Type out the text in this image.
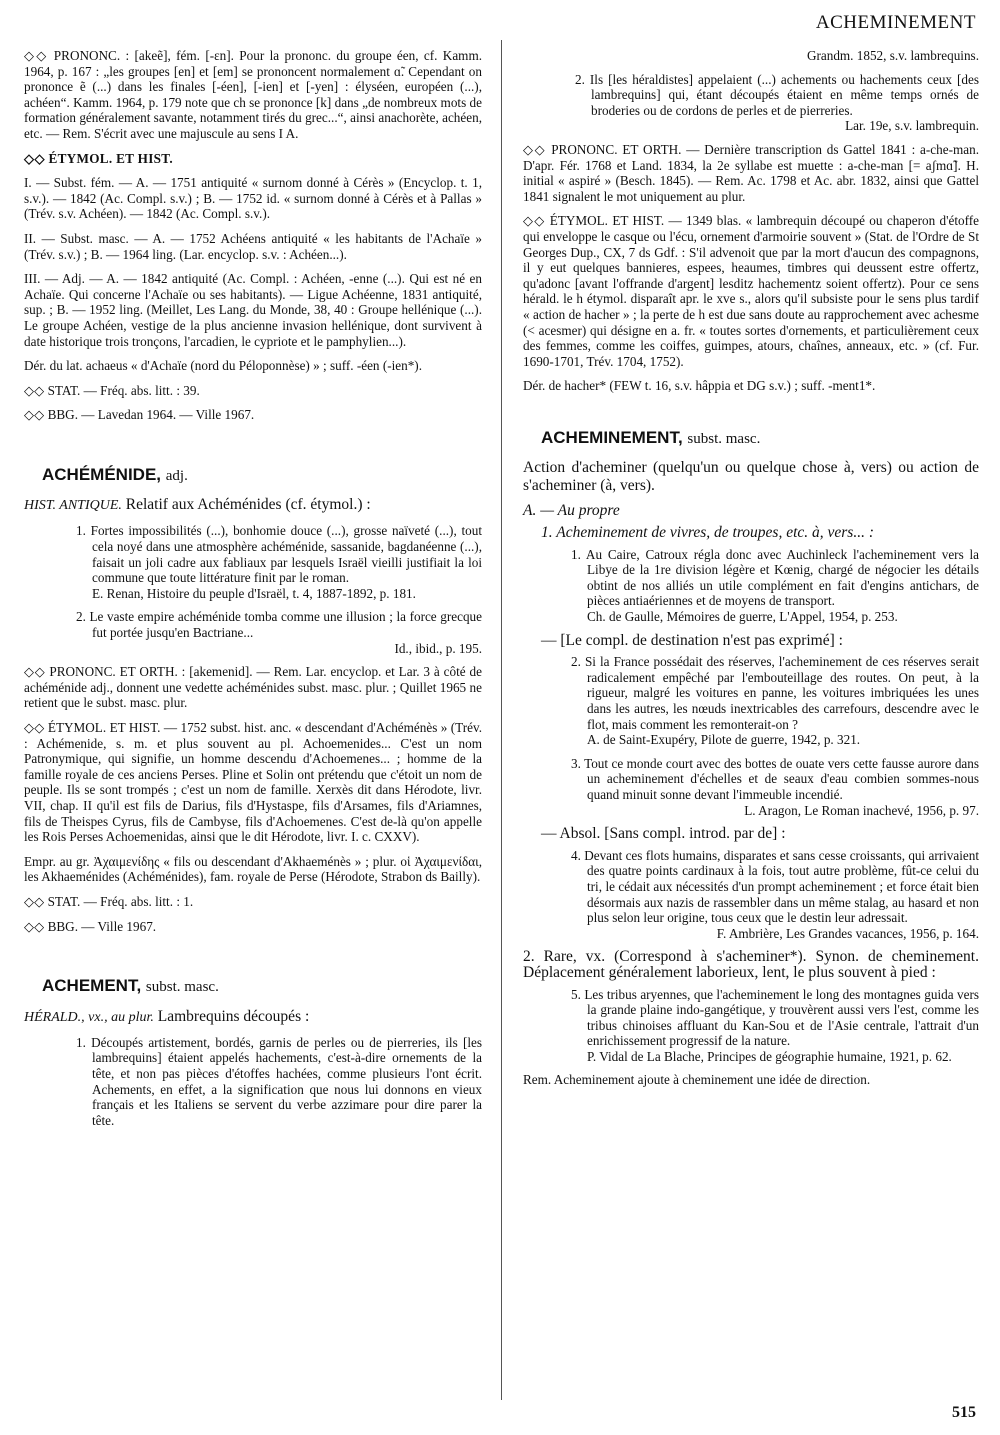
ACHEMINEMENT

◇◇ PRONONC. : [akeẽ], fém. [-ɛn]. Pour la prononc. du groupe éen, cf. Kamm. 1964, p. 167 : „les groupes [en] et [em] se prononcent normalement ɑ̃. Cependant on prononce ẽ (...) dans les finales [-éen], [-ien] et [-yen] : élyséen, européen (...), achéen“. Kamm. 1964, p. 179 note que ch se prononce [k] dans „de nombreux mots de formation généralement savante, notamment tirés du grec...“, ainsi anachorète, achéen, etc. — Rem. S'écrit avec une majuscule au sens I A.

◇◇ ÉTYMOL. ET HIST.

I. — Subst. fém. — A. — 1751 antiquité « surnom donné à Cérès » (Encyclop. t. 1, s.v.). — 1842 (Ac. Compl. s.v.) ; B. — 1752 id. « surnom donné à Cérès et à Pallas » (Trév. s.v. Achéen). — 1842 (Ac. Compl. s.v.).

II. — Subst. masc. — A. — 1752 Achéens antiquité « les habitants de l'Achaïe » (Trév. s.v.) ; B. — 1964 ling. (Lar. encyclop. s.v. : Achéen...).

III. — Adj. — A. — 1842 antiquité (Ac. Compl. : Achéen, -enne (...). Qui est né en Achaïe. Qui concerne l'Achaïe ou ses habitants). — Ligue Achéenne, 1831 antiquité, sup. ; B. — 1952 ling. (Meillet, Les Lang. du Monde, 38, 40 : Groupe hellénique (...). Le groupe Achéen, vestige de la plus ancienne invasion hellénique, dont survivent à date historique trois tronçons, l'arcadien, le cypriote et le pamphylien...).

Dér. du lat. achaeus « d'Achaïe (nord du Péloponnèse) » ; suff. -éen (-ien*).

◇◇ STAT. — Fréq. abs. litt. : 39.

◇◇ BBG. — Lavedan 1964. — Ville 1967.

ACHÉMÉNIDE, adj.
HIST. ANTIQUE. Relatif aux Achéménides (cf. étymol.) :
1. Fortes impossibilités (...), bonhomie douce (...), grosse naïveté (...), tout cela noyé dans une atmosphère achéménide, sassanide, bagdanéenne (...), faisait un joli cadre aux fabliaux par lesquels Israël vieilli justifiait la loi commune que toute littérature finit par le roman.
E. Renan, Histoire du peuple d'Israël, t. 4, 1887-1892, p. 181.
2. Le vaste empire achéménide tomba comme une illusion ; la force grecque fut portée jusqu'en Bactriane...
Id., ibid., p. 195.

◇◇ PRONONC. ET ORTH. : [akemenid]. — Rem. Lar. encyclop. et Lar. 3 à côté de achéménide adj., donnent une vedette achéménides subst. masc. plur. ; Quillet 1965 ne retient que le subst. masc. plur.

◇◇ ÉTYMOL. ET HIST. — 1752 subst. hist. anc. « descendant d'Achéménès » (Trév. : Achémenide, s. m. et plus souvent au pl. Achoemenides... C'est un nom Patronymique, qui signifie, un homme descendu d'Achoemenes... ; homme de la famille royale de ces anciens Perses. Pline et Solin ont prétendu que c'étoit un nom de peuple. Ils se sont trompés ; c'est un nom de famille. Xerxès dit dans Hérodote, livr. VII, chap. II qu'il est fils de Darius, fils d'Hystaspe, fils d'Arsames, fils d'Ariamnes, fils de Theispes Cyrus, fils de Cambyse, fils d'Achoemenes. C'est de-là qu'on appelle les Rois Perses Achoemenidas, ainsi que le dit Hérodote, livr. I. c. CXXV).

Empr. au gr. Ἀχαιμενίδης « fils ou descendant d'Akhaeménès » ; plur. οἱ Ἀχαιμενίδαι, les Akhaeménides (Achéménides), fam. royale de Perse (Hérodote, Strabon ds Bailly).

◇◇ STAT. — Fréq. abs. litt. : 1.

◇◇ BBG. — Ville 1967.

ACHEMENT, subst. masc.
HÉRALD., vx., au plur. Lambrequins découpés :
1. Découpés artistement, bordés, garnis de perles ou de pierreries, ils [les lambrequins] étaient appelés hachements, c'est-à-dire ornements de la tête, et non pas pièces d'étoffes hachées, comme plusieurs l'ont écrit. Achements, en effet, a la signification que nous lui donnons en vieux français et les Italiens se servent du verbe azzimare pour dire parer la tête.
Grandm. 1852, s.v. lambrequins.
2. Ils [les héraldistes] appelaient (...) achements ou hachements ceux [des lambrequins] qui, étant découpés étaient en même temps ornés de broderies ou de cordons de perles et de pierreries.
Lar. 19e, s.v. lambrequin.

◇◇ PRONONC. ET ORTH. — Dernière transcription ds Gattel 1841 : a-che-man. D'apr. Fér. 1768 et Land. 1834, la 2e syllabe est muette : a-che-man [= aʃmɑ̃]. H. initial « aspiré » (Besch. 1845). — Rem. Ac. 1798 et Ac. abr. 1832, ainsi que Gattel 1841 signalent le mot uniquement au plur.

◇◇ ÉTYMOL. ET HIST. — 1349 blas. « lambrequin découpé ou chaperon d'étoffe qui enveloppe le casque ou l'écu, ornement d'armoirie souvent » (Stat. de l'Ordre de St Georges Dup., CX, 7 ds Gdf. : S'il advenoit que par la mort d'aucun des compagnons, il y eut quelques bannieres, espees, heaumes, timbres qui deussent estre offertz, qu'adonc [avant l'offrande d'argent] lesditz hachementz soient offertz). Pour ce sens hérald. le h étymol. disparaît apr. le xve s., alors qu'il subsiste pour le sens plus tardif « action de hacher » ; la perte de h est due sans doute au rapprochement avec achesme (< acesmer) qui désigne en a. fr. « toutes sortes d'ornements, et particulièrement ceux des femmes, comme les coiffes, guimpes, atours, chaînes, anneaux, etc. » (cf. Fur. 1690-1701, Trév. 1704, 1752).

Dér. de hacher* (FEW t. 16, s.v. hâppia et DG s.v.) ; suff. -ment1*.

ACHEMINEMENT, subst. masc.
Action d'acheminer (quelqu'un ou quelque chose à, vers) ou action de s'acheminer (à, vers).
A. — Au propre
1. Acheminement de vivres, de troupes, etc. à, vers... :
1. Au Caire, Catroux régla donc avec Auchinleck l'acheminement vers la Libye de la 1re division légère et Kœnig, chargé de négocier les détails obtint de nos alliés un utile complément en fait d'engins antichars, de pièces antiaériennes et de moyens de transport.
Ch. de Gaulle, Mémoires de guerre, L'Appel, 1954, p. 253.
— [Le compl. de destination n'est pas exprimé] :
2. Si la France possédait des réserves, l'acheminement de ces réserves serait radicalement empêché par l'embouteillage des routes. On peut, à la rigueur, malgré les voitures en panne, les voitures imbriquées les unes dans les autres, les nœuds inextricables des carrefours, descendre avec le flot, mais comment les remonterait-on ?
A. de Saint-Exupéry, Pilote de guerre, 1942, p. 321.
3. Tout ce monde court avec des bottes de ouate vers cette fausse aurore dans un acheminement d'échelles et de seaux d'eau combien sommes-nous quand minuit sonne devant l'immeuble incendié.
L. Aragon, Le Roman inachevé, 1956, p. 97.
— Absol. [Sans compl. introd. par de] :
4. Devant ces flots humains, disparates et sans cesse croissants, qui arrivaient des quatre points cardinaux à la fois, tout autre problème, fût-ce celui du tri, le cédait aux nécessités d'un prompt acheminement ; et force était bien désormais aux nazis de rassembler dans un même stalag, au hasard et non plus selon leur origine, tous ceux que le destin leur adressait.
F. Ambrière, Les Grandes vacances, 1956, p. 164.
2. Rare, vx. (Correspond à s'acheminer*). Synon. de cheminement. Déplacement généralement laborieux, lent, le plus souvent à pied :
5. Les tribus aryennes, que l'acheminement le long des montagnes guida vers la grande plaine indo-gangétique, y trouvèrent aussi vers l'est, comme les tribus chinoises affluant du Kan-Sou et de l'Asie centrale, l'attrait d'un enrichissement progressif de la nature.
P. Vidal de La Blache, Principes de géographie humaine, 1921, p. 62.

Rem. Acheminement ajoute à cheminement une idée de direction.

515
